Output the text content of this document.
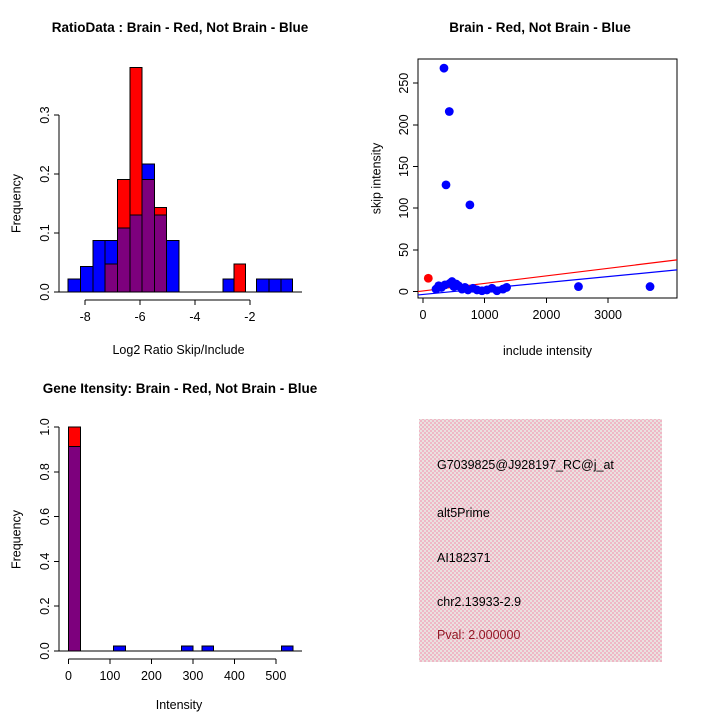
G7039825@J928197_RC@j_at
alt5Prime
AI182371
chr2.13933-2.9
Pval: 2.000000
0.0
0.1
0.2
0.3
-8	-6	-4	-2	0	1000	2000	3000
0
50
100
150
200
250
0.0
0.2
0.4
0.6
0.8
1.0
0 100 200 300 400 500
RatioData : Brain - Red, Not Brain - Blue	Brain - Red, Not Brain - Blue
Gene Itensity: Brain - Red, Not Brain - Blue
Log2 Ratio Skip/Include
Frequency
include intensity
skip intensity
Intensity
Frequency
